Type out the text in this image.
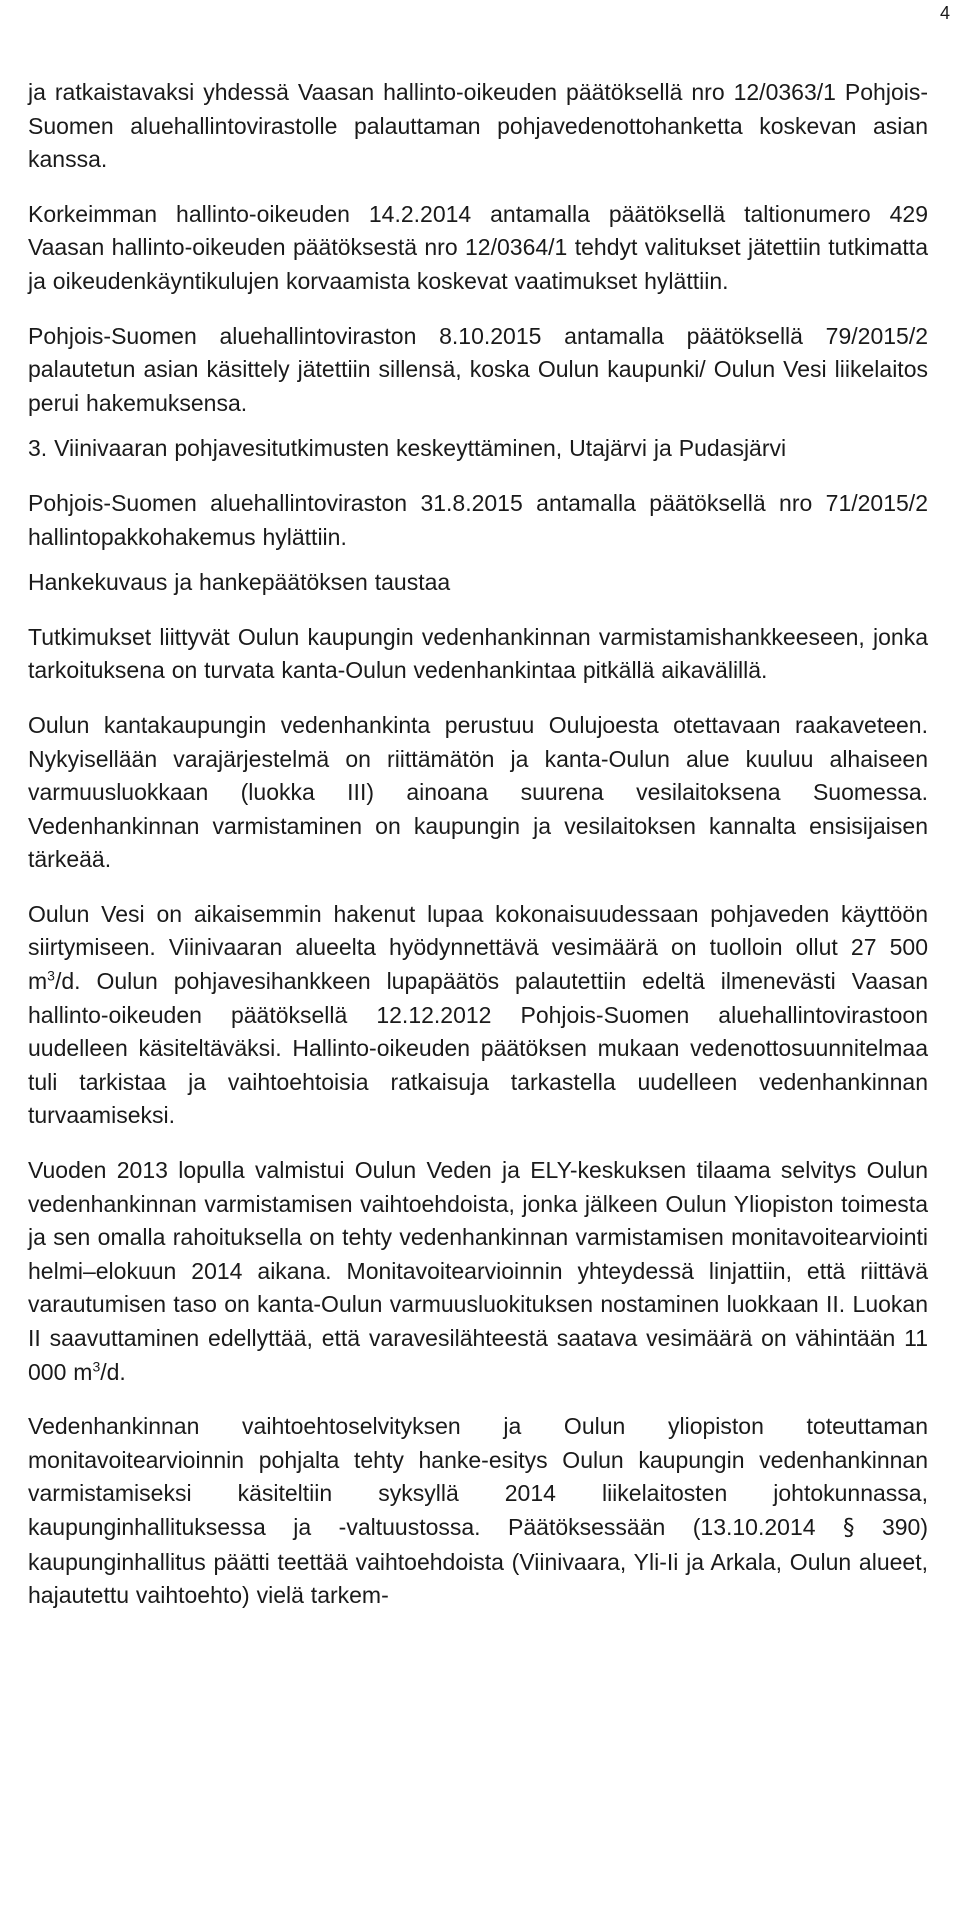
4

ja ratkaistavaksi yhdessä Vaasan hallinto-oikeuden päätöksellä nro 12/0363/1 Pohjois-Suomen aluehallintovirastolle palauttaman pohjavedenottohanketta koskevan asian kanssa.

Korkeimman hallinto-oikeuden 14.2.2014 antamalla päätöksellä taltionumero 429 Vaasan hallinto-oikeuden päätöksestä nro 12/0364/1 tehdyt valitukset jätettiin tutkimatta ja oikeudenkäyntikulujen korvaamista koskevat vaatimukset hylättiin.

Pohjois-Suomen aluehallintoviraston 8.10.2015 antamalla päätöksellä 79/2015/2 palautetun asian käsittely jätettiin sillensä, koska Oulun kaupunki/ Oulun Vesi liikelaitos perui hakemuksensa.

3. Viinivaaran pohjavesitutkimusten keskeyttäminen, Utajärvi ja Pudasjärvi

Pohjois-Suomen aluehallintoviraston 31.8.2015 antamalla päätöksellä nro 71/2015/2 hallintopakkohakemus hylättiin.

Hankekuvaus ja hankepäätöksen taustaa

Tutkimukset liittyvät Oulun kaupungin vedenhankinnan varmistamishankkeeseen, jonka tarkoituksena on turvata kanta-Oulun vedenhankintaa pitkällä aikavälillä.

Oulun kantakaupungin vedenhankinta perustuu Oulujoesta otettavaan raakaveteen. Nykyisellään varajärjestelmä on riittämätön ja kanta-Oulun alue kuuluu alhaiseen varmuusluokkaan (luokka III) ainoana suurena vesilaitoksena Suomessa. Vedenhankinnan varmistaminen on kaupungin ja vesilaitoksen kannalta ensisijaisen tärkeää.

Oulun Vesi on aikaisemmin hakenut lupaa kokonaisuudessaan pohjaveden käyttöön siirtymiseen. Viinivaaran alueelta hyödynnettävä vesimäärä on tuolloin ollut 27 500 $m^3/d$. Oulun pohjavesihankkeen lupapäätös palautettiin edeltä ilmenevästi Vaasan hallinto-oikeuden päätöksellä 12.12.2012 Pohjois-Suomen aluehallintovirastoon uudelleen käsiteltäväksi. Hallinto-oikeuden päätöksen mukaan vedenottosuunnitelmaa tuli tarkistaa ja vaihtoehtoisia ratkaisuja tarkastella uudelleen vedenhankinnan turvaamiseksi.

Vuoden 2013 lopulla valmistui Oulun Veden ja ELY-keskuksen tilaama selvitys Oulun vedenhankinnan varmistamisen vaihtoehdoista, jonka jälkeen Oulun Yliopiston toimesta ja sen omalla rahoituksella on tehty vedenhankinnan varmistamisen monitavoitearviointi helmi–elokuun 2014 aikana. Monitavoitearvioinnin yhteydessä linjattiin, että riittävä varautumisen taso on kanta-Oulun varmuusluokituksen nostaminen luokkaan II. Luokan II saavuttaminen edellyttää, että varavesilähteestä saatava vesimäärä on vähintään 11 000 $m^3/d$.

Vedenhankinnan vaihtoehtoselvityksen ja Oulun yliopiston toteuttaman monitavoitearvioinnin pohjalta tehty hanke-esitys Oulun kaupungin vedenhankinnan varmistamiseksi käsiteltiin syksyllä 2014 liikelaitosten johtokunnassa, kaupunginhallituksessa ja -valtuustossa. Päätöksessään (13.10.2014 § 390) kaupunginhallitus päätti teettää vaihtoehdoista (Viinivaara, Yli-Ii ja Arkala, Oulun alueet, hajautettu vaihtoehto) vielä tarkem-
